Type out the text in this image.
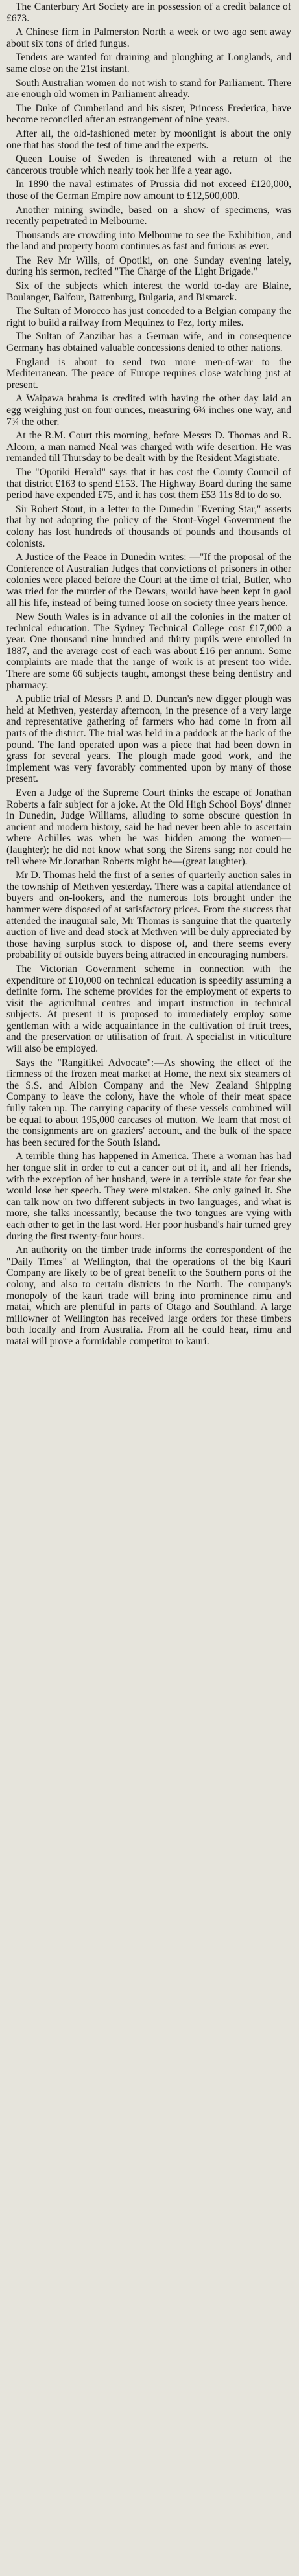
The Canterbury Art Society are in possession of a credit balance of £673.

A Chinese firm in Palmerston North a week or two ago sent away about six tons of dried fungus.

Tenders are wanted for draining and ploughing at Longlands, and same close on the 21st instant.

South Australian women do not wish to stand for Parliament. There are enough old women in Parliament already.

The Duke of Cumberland and his sister, Princess Frederica, have become reconciled after an estrangement of nine years.

After all, the old-fashioned meter by moonlight is about the only one that has stood the test of time and the experts.

Queen Louise of Sweden is threatened with a return of the cancerous trouble which nearly took her life a year ago.

In 1890 the naval estimates of Prussia did not exceed £120,000, those of the German Empire now amount to £12,500,000.

Another mining swindle, based on a show of specimens, was recently perpetrated in Melbourne.

Thousands are crowding into Melbourne to see the Exhibition, and the land and property boom continues as fast and furious as ever.

The Rev Mr Wills, of Opotiki, on one Sunday evening lately, during his sermon, recited "The Charge of the Light Brigade."

Six of the subjects which interest the world to-day are Blaine, Boulanger, Balfour, Battenburg, Bulgaria, and Bismarck.

The Sultan of Morocco has just conceded to a Belgian company the right to build a railway from Mequinez to Fez, forty miles.

The Sultan of Zanzibar has a German wife, and in consequence Germany has obtained valuable concessions denied to other nations.

England is about to send two more men-of-war to the Mediterranean. The peace of Europe requires close watching just at present.

A Waipawa brahma is credited with having the other day laid an egg weighing just on four ounces, measuring 6¾ inches one way, and 7¾ the other.

At the R.M. Court this morning, before Messrs D. Thomas and R. Alcorn, a man named Neal was charged with wife desertion. He was remanded till Thursday to be dealt with by the Resident Magistrate.

The "Opotiki Herald" says that it has cost the County Council of that district £163 to spend £153. The Highway Board during the same period have expended £75, and it has cost them £53 11s 8d to do so.

Sir Robert Stout, in a letter to the Dunedin "Evening Star," asserts that by not adopting the policy of the Stout-Vogel Government the colony has lost hundreds of thousands of pounds and thousands of colonists.

A Justice of the Peace in Dunedin writes: —"If the proposal of the Conference of Australian Judges that convictions of prisoners in other colonies were placed before the Court at the time of trial, Butler, who was tried for the murder of the Dewars, would have been kept in gaol all his life, instead of being turned loose on society three years hence.

New South Wales is in advance of all the colonies in the matter of technical education. The Sydney Technical College cost £17,000 a year. One thousand nine hundred and thirty pupils were enrolled in 1887, and the average cost of each was about £16 per annum. Some complaints are made that the range of work is at present too wide. There are some 66 subjects taught, amongst these being dentistry and pharmacy.

A public trial of Messrs P. and D. Duncan's new digger plough was held at Methven, yesterday afternoon, in the presence of a very large and representative gathering of farmers who had come in from all parts of the district. The trial was held in a paddock at the back of the pound. The land operated upon was a piece that had been down in grass for several years. The plough made good work, and the implement was very favorably commented upon by many of those present.

Even a Judge of the Supreme Court thinks the escape of Jonathan Roberts a fair subject for a joke. At the Old High School Boys' dinner in Dunedin, Judge Williams, alluding to some obscure question in ancient and modern history, said he had never been able to ascertain where Achilles was when he was hidden among the women—(laughter); he did not know what song the Sirens sang; nor could he tell where Mr Jonathan Roberts might be—(great laughter).

Mr D. Thomas held the first of a series of quarterly auction sales in the township of Methven yesterday. There was a capital attendance of buyers and on-lookers, and the numerous lots brought under the hammer were disposed of at satisfactory prices. From the success that attended the inaugural sale, Mr Thomas is sanguine that the quarterly auction of live and dead stock at Methven will be duly appreciated by those having surplus stock to dispose of, and there seems every probability of outside buyers being attracted in encouraging numbers.

The Victorian Government scheme in connection with the expenditure of £10,000 on technical education is speedily assuming a definite form. The scheme provides for the employment of experts to visit the agricultural centres and impart instruction in technical subjects. At present it is proposed to immediately employ some gentleman with a wide acquaintance in the cultivation of fruit trees, and the preservation or utilisation of fruit. A specialist in viticulture will also be employed.

Says the "Rangitikei Advocate":—As showing the effect of the firmness of the frozen meat market at Home, the next six steamers of the S.S. and Albion Company and the New Zealand Shipping Company to leave the colony, have the whole of their meat space fully taken up. The carrying capacity of these vessels combined will be equal to about 195,000 carcases of mutton. We learn that most of the consignments are on graziers' account, and the bulk of the space has been secured for the South Island.

A terrible thing has happened in America. There a woman has had her tongue slit in order to cut a cancer out of it, and all her friends, with the exception of her husband, were in a terrible state for fear she would lose her speech. They were mistaken. She only gained it. She can talk now on two different subjects in two languages, and what is more, she talks incessantly, because the two tongues are vying with each other to get in the last word. Her poor husband's hair turned grey during the first twenty-four hours.

An authority on the timber trade informs the correspondent of the "Daily Times" at Wellington, that the operations of the big Kauri Company are likely to be of great benefit to the Southern ports of the colony, and also to certain districts in the North. The company's monopoly of the kauri trade will bring into prominence rimu and matai, which are plentiful in parts of Otago and Southland. A large millowner of Wellington has received large orders for these timbers both locally and from Australia. From all he could hear, rimu and matai will prove a formidable competitor to kauri.
